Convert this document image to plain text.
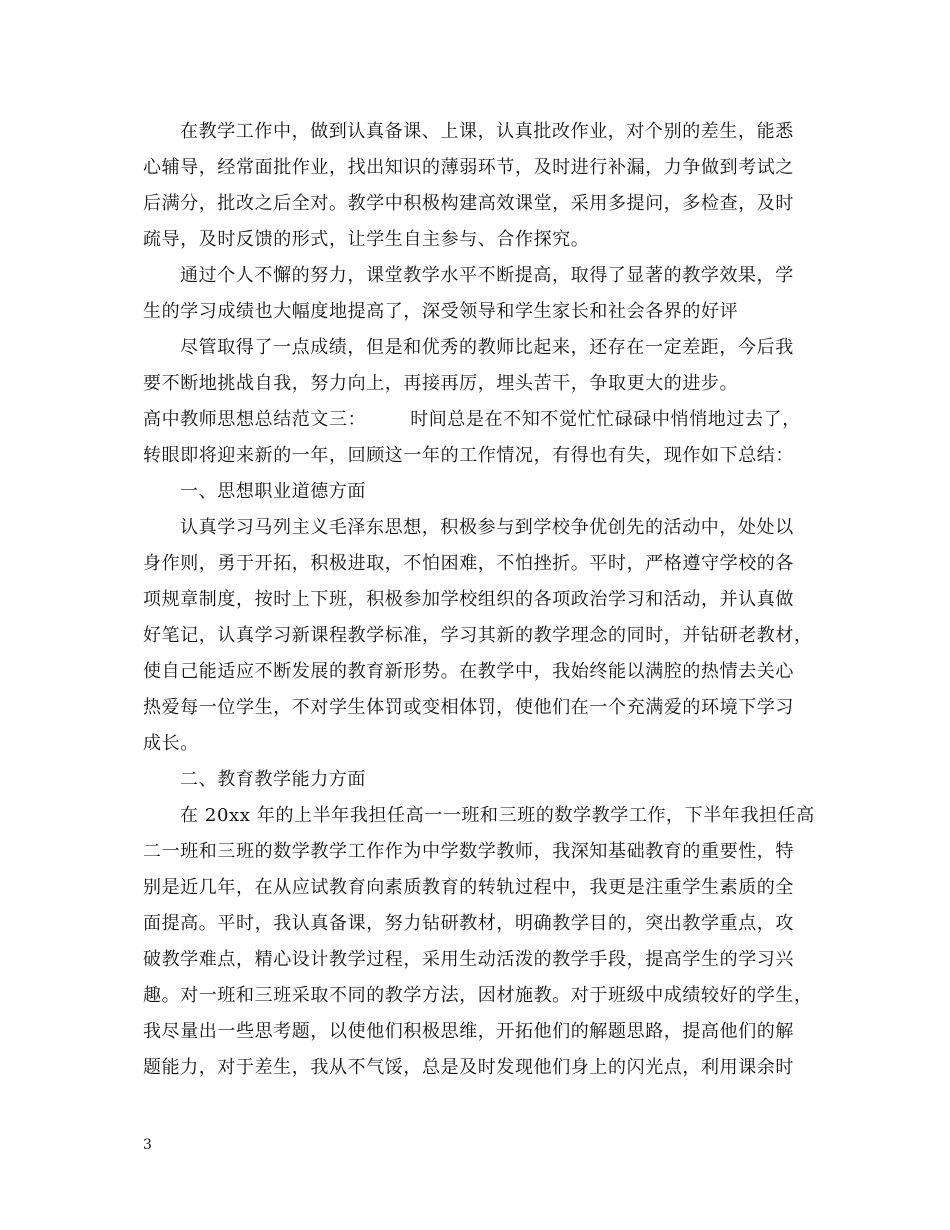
在教学工作中，做到认真备课、上课，认真批改作业，对个别的差生，能悉
心辅导，经常面批作业，找出知识的薄弱环节，及时进行补漏，力争做到考试之
后满分，批改之后全对。教学中积极构建高效课堂，采用多提问，多检查，及时
疏导，及时反馈的形式，让学生自主参与、合作探究。
通过个人不懈的努力，课堂教学水平不断提高，取得了显著的教学效果，学
生的学习成绩也大幅度地提高了，深受领导和学生家长和社会各界的好评
尽管取得了一点成绩，但是和优秀的教师比起来，还存在一定差距，今后我
要不断地挑战自我，努力向上，再接再厉，埋头苦干，争取更大的进步。
高中教师思想总结范文三： 时间总是在不知不觉忙忙碌碌中悄悄地过去了，
转眼即将迎来新的一年，回顾这一年的工作情况，有得也有失，现作如下总结：
一、思想职业道德方面
认真学习马列主义毛泽东思想，积极参与到学校争优创先的活动中，处处以
身作则，勇于开拓，积极进取，不怕困难，不怕挫折。平时，严格遵守学校的各
项规章制度，按时上下班，积极参加学校组织的各项政治学习和活动，并认真做
好笔记，认真学习新课程教学标准，学习其新的教学理念的同时，并钻研老教材，
使自己能适应不断发展的教育新形势。在教学中，我始终能以满腔的热情去关心
热爱每一位学生，不对学生体罚或变相体罚，使他们在一个充满爱的环境下学习
成长。
二、教育教学能力方面
在 20xx 年的上半年我担任高一一班和三班的数学教学工作，下半年我担任高
二一班和三班的数学教学工作作为中学数学教师，我深知基础教育的重要性，特
别是近几年，在从应试教育向素质教育的转轨过程中，我更是注重学生素质的全
面提高。平时，我认真备课，努力钻研教材，明确教学目的，突出教学重点，攻
破教学难点，精心设计教学过程，采用生动活泼的教学手段，提高学生的学习兴
趣。对一班和三班采取不同的教学方法，因材施教。对于班级中成绩较好的学生，
我尽量出一些思考题，以使他们积极思维，开拓他们的解题思路，提高他们的解
题能力，对于差生，我从不气馁，总是及时发现他们身上的闪光点，利用课余时
3
